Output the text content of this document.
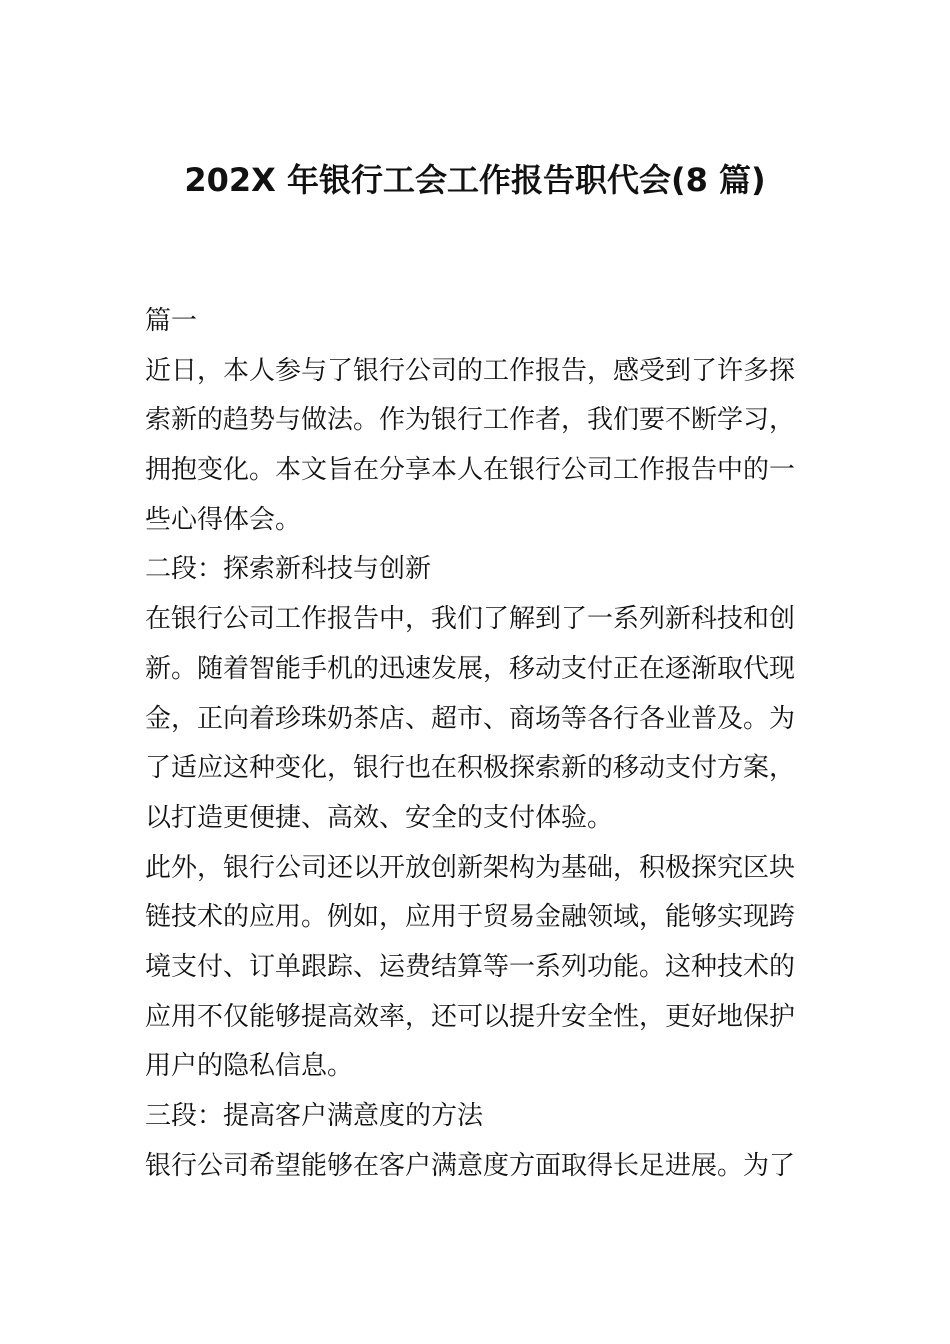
202X 年银行工会工作报告职代会(8 篇)
篇一
近日，本人参与了银行公司的工作报告，感受到了许多探
索新的趋势与做法。作为银行工作者，我们要不断学习，
拥抱变化。本文旨在分享本人在银行公司工作报告中的一
些心得体会。
二段：探索新科技与创新
在银行公司工作报告中，我们了解到了一系列新科技和创
新。随着智能手机的迅速发展，移动支付正在逐渐取代现
金，正向着珍珠奶茶店、超市、商场等各行各业普及。为
了适应这种变化，银行也在积极探索新的移动支付方案，
以打造更便捷、高效、安全的支付体验。
此外，银行公司还以开放创新架构为基础，积极探究区块
链技术的应用。例如，应用于贸易金融领域，能够实现跨
境支付、订单跟踪、运费结算等一系列功能。这种技术的
应用不仅能够提高效率，还可以提升安全性，更好地保护
用户的隐私信息。
三段：提高客户满意度的方法
银行公司希望能够在客户满意度方面取得长足进展。为了
